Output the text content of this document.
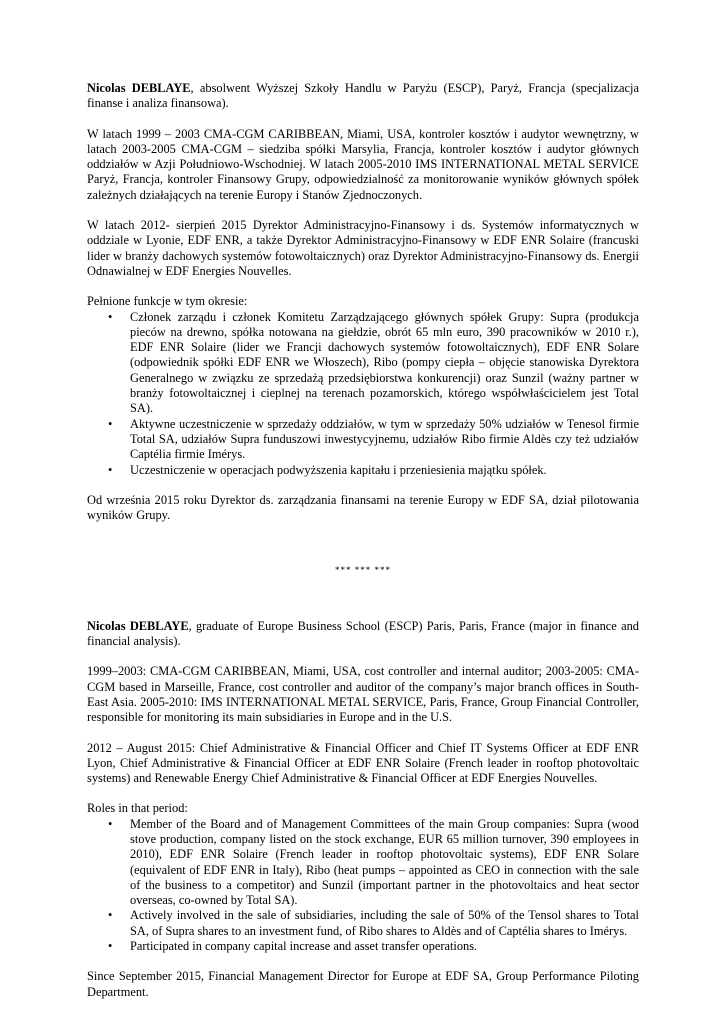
Nicolas DEBLAYE, absolwent Wyższej Szkoły Handlu w Paryżu (ESCP), Paryż, Francja (specjalizacja finanse i analiza finansowa).

W latach 1999 – 2003 CMA-CGM CARIBBEAN, Miami, USA, kontroler kosztów i audytor wewnętrzny, w latach 2003-2005 CMA-CGM – siedziba spółki Marsylia, Francja, kontroler kosztów i audytor głównych oddziałów w Azji Południowo-Wschodniej. W latach 2005-2010 IMS INTERNATIONAL METAL SERVICE Paryż, Francja, kontroler Finansowy Grupy, odpowiedzialność za monitorowanie wyników głównych spółek zależnych działających na terenie Europy i Stanów Zjednoczonych.

W latach 2012- sierpień 2015 Dyrektor Administracyjno-Finansowy i ds. Systemów informatycznych w oddziale w Lyonie, EDF ENR, a także Dyrektor Administracyjno-Finansowy w EDF ENR Solaire (francuski lider w branży dachowych systemów fotowoltaicznych) oraz Dyrektor Administracyjno-Finansowy ds. Energii Odnawialnej w EDF Energies Nouvelles.

Pełnione funkcje w tym okresie:

• Członek zarządu i członek Komitetu Zarządzającego głównych spółek Grupy: Supra (produkcja pieców na drewno, spółka notowana na giełdzie, obrót 65 mln euro, 390 pracowników w 2010 r.), EDF ENR Solaire (lider we Francji dachowych systemów fotowoltaicznych), EDF ENR Solare (odpowiednik spółki EDF ENR we Włoszech), Ribo (pompy ciepła – objęcie stanowiska Dyrektora Generalnego w związku ze sprzedażą przedsiębiorstwa konkurencji) oraz Sunzil (ważny partner w branży fotowoltaicznej i cieplnej na terenach pozamorskich, którego współwłaścicielem jest Total SA).
• Aktywne uczestniczenie w sprzedaży oddziałów, w tym w sprzedaży 50% udziałów w Tenesol firmie Total SA, udziałów Supra funduszowi inwestycyjnemu, udziałów Ribo firmie Aldès czy też udziałów Captélia firmie Imérys.
• Uczestniczenie w operacjach podwyższenia kapitału i przeniesienia majątku spółek.

Od września 2015 roku Dyrektor ds. zarządzania finansami na terenie Europy w EDF SA, dział pilotowania wyników Grupy.

*** *** ***

Nicolas DEBLAYE, graduate of Europe Business School (ESCP) Paris, Paris, France (major in finance and financial analysis).

1999–2003: CMA-CGM CARIBBEAN, Miami, USA, cost controller and internal auditor; 2003-2005: CMA-CGM based in Marseille, France, cost controller and auditor of the company’s major branch offices in South-East Asia. 2005-2010: IMS INTERNATIONAL METAL SERVICE, Paris, France, Group Financial Controller, responsible for monitoring its main subsidiaries in Europe and in the U.S.

2012 – August 2015: Chief Administrative & Financial Officer and Chief IT Systems Officer at EDF ENR Lyon, Chief Administrative & Financial Officer at EDF ENR Solaire (French leader in rooftop photovoltaic systems) and Renewable Energy Chief Administrative & Financial Officer at EDF Energies Nouvelles.

Roles in that period:

• Member of the Board and of Management Committees of the main Group companies: Supra (wood stove production, company listed on the stock exchange, EUR 65 million turnover, 390 employees in 2010), EDF ENR Solaire (French leader in rooftop photovoltaic systems), EDF ENR Solare (equivalent of EDF ENR in Italy), Ribo (heat pumps – appointed as CEO in connection with the sale of the business to a competitor) and Sunzil (important partner in the photovoltaics and heat sector overseas, co-owned by Total SA).
• Actively involved in the sale of subsidiaries, including the sale of 50% of the Tensol shares to Total SA, of Supra shares to an investment fund, of Ribo shares to Aldès and of Captélia shares to Imérys.
• Participated in company capital increase and asset transfer operations.

Since September 2015, Financial Management Director for Europe at EDF SA, Group Performance Piloting Department.
